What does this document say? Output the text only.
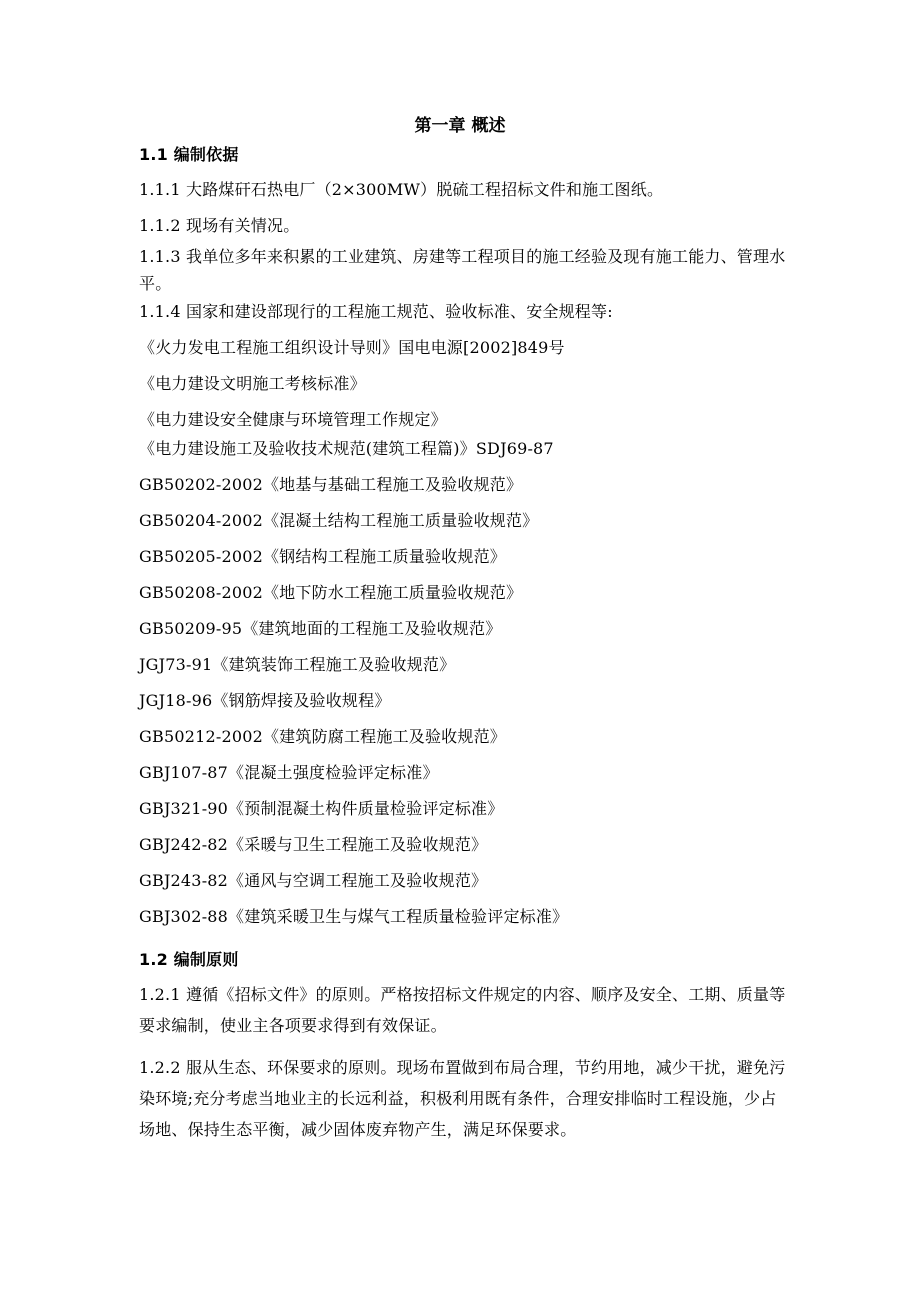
第一章 概述
1.1 编制依据
1.1.1 大路煤矸石热电厂（2×300MW）脱硫工程招标文件和施工图纸。
1.1.2 现场有关情况。
1.1.3 我单位多年来积累的工业建筑、房建等工程项目的施工经验及现有施工能力、管理水平。
1.1.4 国家和建设部现行的工程施工规范、验收标准、安全规程等:
《火力发电工程施工组织设计导则》国电电源[2002]849号
《电力建设文明施工考核标准》
《电力建设安全健康与环境管理工作规定》
《电力建设施工及验收技术规范(建筑工程篇)》SDJ69-87
GB50202-2002《地基与基础工程施工及验收规范》
GB50204-2002《混凝土结构工程施工质量验收规范》
GB50205-2002《钢结构工程施工质量验收规范》
GB50208-2002《地下防水工程施工质量验收规范》
GB50209-95《建筑地面的工程施工及验收规范》
JGJ73-91《建筑装饰工程施工及验收规范》
JGJ18-96《钢筋焊接及验收规程》
GB50212-2002《建筑防腐工程施工及验收规范》
GBJ107-87《混凝土强度检验评定标准》
GBJ321-90《预制混凝土构件质量检验评定标准》
GBJ242-82《采暖与卫生工程施工及验收规范》
GBJ243-82《通风与空调工程施工及验收规范》
GBJ302-88《建筑采暖卫生与煤气工程质量检验评定标准》
1.2 编制原则
1.2.1 遵循《招标文件》的原则。严格按招标文件规定的内容、顺序及安全、工期、质量等要求编制，使业主各项要求得到有效保证。
1.2.2 服从生态、环保要求的原则。现场布置做到布局合理，节约用地，减少干扰，避免污染环境;充分考虑当地业主的长远利益，积极利用既有条件，合理安排临时工程设施，少占场地、保持生态平衡，减少固体废弃物产生，满足环保要求。
